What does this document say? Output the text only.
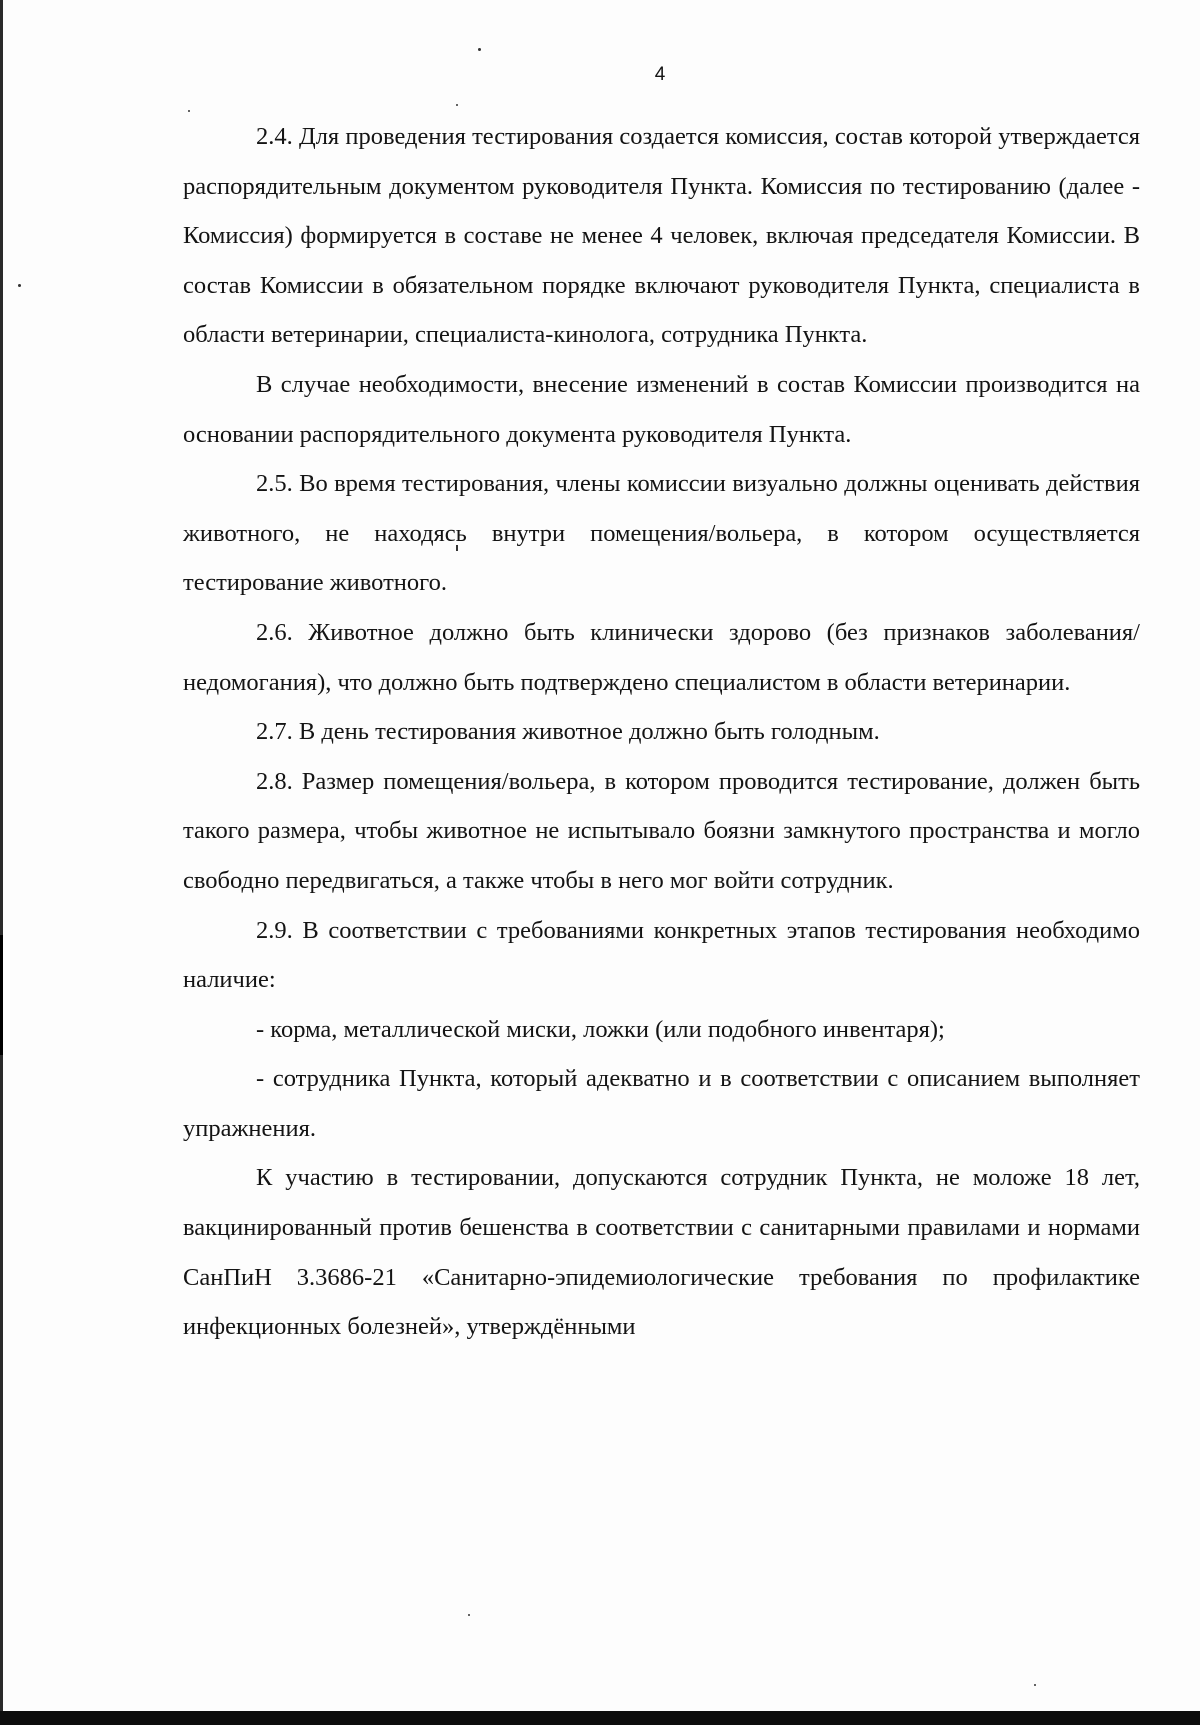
4

2.4. Для проведения тестирования создается комиссия, состав которой утверждается распорядительным документом руководителя Пункта. Комиссия по тестированию (далее - Комиссия) формируется в составе не менее 4 человек, включая председателя Комиссии. В состав Комиссии в обязательном порядке включают руководителя Пункта, специалиста в области ветеринарии, специалиста-кинолога, сотрудника Пункта.

В случае необходимости, внесение изменений в состав Комиссии производится на основании распорядительного документа руководителя Пункта.

2.5. Во время тестирования, члены комиссии визуально должны оценивать действия животного, не находясь внутри помещения/вольера, в котором осуществляется тестирование животного.

2.6. Животное должно быть клинически здорово (без признаков заболевания/недомогания), что должно быть подтверждено специалистом в области ветеринарии.

2.7. В день тестирования животное должно быть голодным.

2.8. Размер помещения/вольера, в котором проводится тестирование, должен быть такого размера, чтобы животное не испытывало боязни замкнутого пространства и могло свободно передвигаться, а также чтобы в него мог войти сотрудник.

2.9. В соответствии с требованиями конкретных этапов тестирования необходимо наличие:

- корма, металлической миски, ложки (или подобного инвентаря);

- сотрудника Пункта, который адекватно и в соответствии с описанием выполняет упражнения.

К участию в тестировании, допускаются сотрудник Пункта, не моложе 18 лет, вакцинированный против бешенства в соответствии с санитарными правилами и нормами СанПиН 3.3686-21 «Санитарно-эпидемиологические требования по профилактике инфекционных болезней», утверждёнными
